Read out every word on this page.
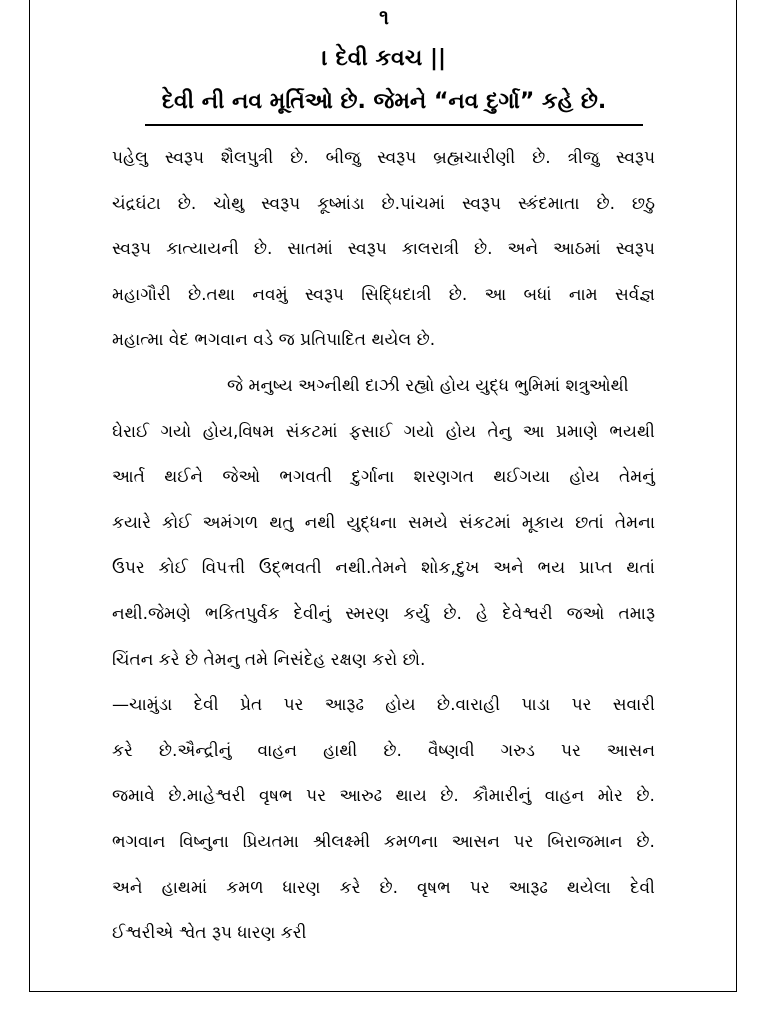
૧
। દેવી કવચ ||
દેવી ની નવ મૂર્તિઓ છે. જેમને “નવ દુર્ગા” કહે છે.
પહેલુ સ્વરૂપ શૈલપુત્રી છે. બીજુ સ્વરૂપ બ્રહ્મચારીણી છે. ત્રીજુ સ્વરૂપ
ચંદ્રઘંટા છે. ચોથુ સ્વરૂપ કૂષ્માંડા છે.પાંચમાં સ્વરૂપ સ્કંદમાતા છે. છઠુ
સ્વરૂપ કાત્યાયની છે. સાતમાં સ્વરૂપ કાલરાત્રી છે. અને આઠમાં સ્વરૂપ
મહાગૌરી છે.તથા નવમું સ્વરૂપ સિદ્ધિદાત્રી છે. આ બધાં નામ સર્વજ્ઞ
મહાત્મા વેદ ભગવાન વડે જ પ્રતિપાદિત થયેલ છે.
જે મનુષ્ય અગ્નીથી દાઝી રહ્યો હોય યુદ્ધ ભુમિમાં શત્રુઓથી
ઘેરાઈ ગયો હોય,વિષમ સંકટમાં ફસાઈ ગયો હોય તેનુ આ પ્રમાણે ભયથી
આર્ત થઈને જેઓ ભગવતી દુર્ગાના શરણગત થઈગયા હોય તેમનું
કયારે કોઈ અમંગળ થતુ નથી યુદ્ધના સમયે સંકટમાં મૂકાય છતાં તેમના
ઉપર કોઈ વિપત્તી ઉદ્ભવતી નથી.તેમને શોક,દુખ અને ભય પ્રાપ્ત થતાં
નથી.જેમણે ભકિતપુર્વક દેવીનું સ્મરણ કર્યુ છે. હે દેવેશ્વરી જઓ તમારૂ
ચિંતન કરે છે તેમનુ તમે નિસંદેહ રક્ષણ કરો છો.
—ચામુંડા દેવી પ્રેત પર આરૂઢ હોય છે.વારાહી પાડા પર સવારી
કરે છે.ઐન્દ્રીનું વાહન હાથી છે. વૈષ્ણવી ગરુડ પર આસન
જમાવે છે.માહેશ્વરી વૃષભ પર આરુઢ થાય છે. કૌમારીનું વાહન મોર છે.
ભગવાન વિષ્નુના પ્રિયતમા શ્રીલક્ષ્મી કમળના આસન પર બિરાજમાન છે.
અને હાથમાં કમળ ધારણ કરે છે. વૃષભ પર આરૂઢ થયેલા દેવી
ઈશ્વરીએ શ્વેત રૂપ ધારણ કરી
